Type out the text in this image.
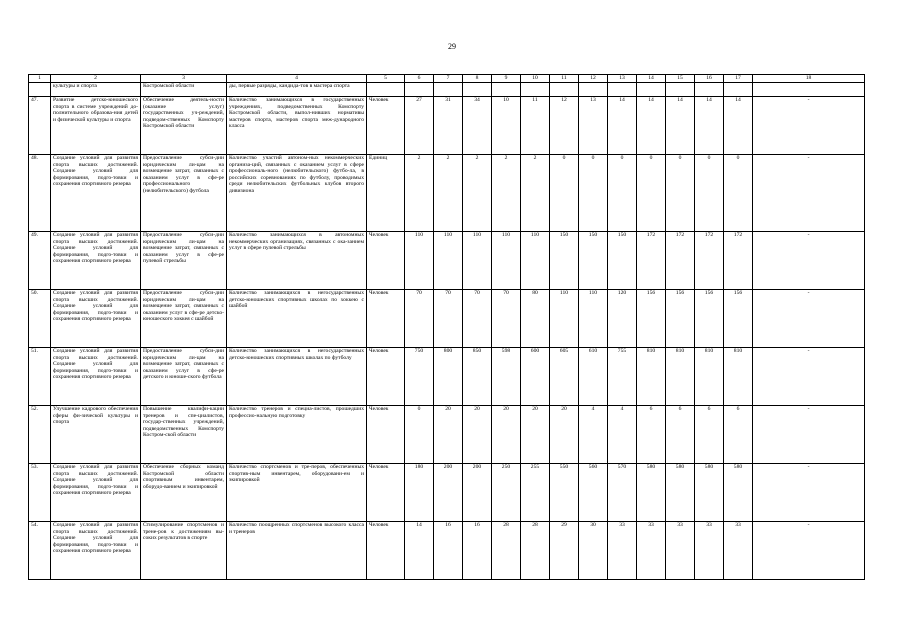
29
1	2	3	4	5	6	7	8	9	10	11	12	13	14	15	16	17	18
	культуры и спорта	Костромской области	ды, первые разряды, кандида-тов в мастера спорта														
47.	Развитие детско-юношеского спорта в системе учреждений до-полнительного образова-ния детей и физической культуры и спорта	Обеспечение деятель-ности (оказание услуг) государственных уч-реждений, подведом-ственных Комспорту Костромской области	Количество занимающихся в государственных учреждениях, подведомственных Комспорту Костромской области, выпол-нивших нормативы мастеров спорта, мастеров спорта меж-дународного класса	Человек	27	31	34	10	11	12	13	14	14	14	14	14	-
48.	Создание условий для развития спорта высших достижений. Создание условий для формирования, подго-товки и сохранения спортивного резерва	Предоставление субси-дии юридическим ли-цам на возмещение затрат, связанных с оказанием услуг в сфе-ре профессионального (нелюбительского) футбола	Количество участий автоном-ных некоммерческих организа-ций, связанных с оказанием услуг в сфере профессиональ-ного (нелюбительского) футбо-ла, в российских соревнованиях по футболу, проводимых среди нелюбительских футбольных клубов второго дивизиона	Единиц	2	2	2	2	2	0	0	0	0	0	0	0	-
49.	Создание условий для развития спорта высших достижений. Создание условий для формирования, подго-товки и сохранения спортивного резерва	Предоставление субси-дии юридическим ли-цам на возмещение затрат, связанных с оказанием услуг в сфе-ре пулевой стрельбы	Количество занимающихся в автономных некоммерческих организациях, связанных с ока-занием услуг в сфере пулевой стрельбы	Человек	110	110	110	110	110	150	150	150	172	172	172	172	-
50.	Создание условий для развития спорта высших достижений. Создание условий для формирования, подго-товки и сохранения спортивного резерва	Предоставление субси-дии юридическим ли-цам на возмещение затрат, связанных с оказанием услуг в сфе-ре детско-юношеского хоккея с шайбой	Количество занимающихся в негосударственных детско-юношеских спортивных школах по хоккею с шайбой	Человек	70	70	70	70	80	110	110	120	156	156	156	156	-
51.	Создание условий для развития спорта высших достижений. Создание условий для формирования, подго-товки и сохранения спортивного резерва	Предоставление субси-дии юридическим ли-цам на возмещение затрат, связанных с оказанием услуг в сфе-ре детского и юноше-ского футбола	Количество занимающихся в негосударственных детско-юношеских спортивных школах по футболу	Человек	750	800	850	598	600	605	610	755	810	810	810	810	-
52.	Улучшение кадрового обеспечения сферы фи-зической культуры и спорта	Повышение квалифи-кации тренеров и спе-циалистов, государ-ственных учреждений, подведомственных Комспорту Костром-ской области	Количество тренеров и специа-листов, прошедших профессио-нальную подготовку	Человек	0	20	20	20	20	20	4	4	6	6	6	6	-
53.	Создание условий для развития спорта высших достижений. Создание условий для формирования, подго-товки и сохранения спортивного резерва	Обеспечение сборных команд Костромской области спортивным инвентарем, оборудо-ванием и экипировкой	Количество спортсменов и тре-перов, обеспеченных спортив-ным инвентарем, оборудовани-ем и экипировкой	Человек	180	200	200	250	255	550	560	570	580	580	580	580	-
54.	Создание условий для развития спорта высших достижений. Создание условий для формирования, подго-товки и сохранения спортивного резерва	Стимулирование спортсменов и трене-ров к достижениям вы-соких результатов в спорте	Количество поощренных спортсменов высокого класса и тренеров	Человек	14	16	16	28	28	29	30	33	33	33	33	33	-
